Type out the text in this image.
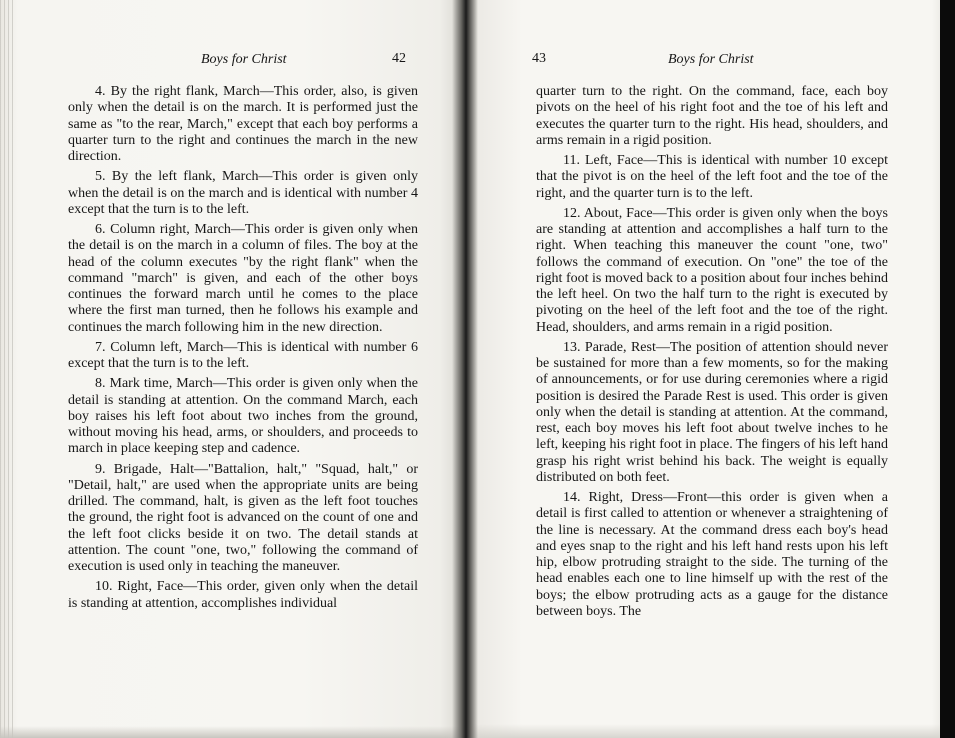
Boys for Christ	42

4. By the right flank, March—This order, also, is given only when the detail is on the march. It is performed just the same as "to the rear, March," except that each boy performs a quarter turn to the right and continues the march in the new direction.

5. By the left flank, March—This order is given only when the detail is on the march and is identical with number 4 except that the turn is to the left.

6. Column right, March—This order is given only when the detail is on the march in a column of files. The boy at the head of the column executes "by the right flank" when the command "march" is given, and each of the other boys continues the forward march until he comes to the place where the first man turned, then he follows his example and continues the march following him in the new direction.

7. Column left, March—This is identical with number 6 except that the turn is to the left.

8. Mark time, March—This order is given only when the detail is standing at attention. On the command March, each boy raises his left foot about two inches from the ground, without moving his head, arms, or shoulders, and proceeds to march in place keeping step and cadence.

9. Brigade, Halt—"Battalion, halt," "Squad, halt," or "Detail, halt," are used when the appropriate units are being drilled. The command, halt, is given as the left foot touches the ground, the right foot is advanced on the count of one and the left foot clicks beside it on two. The detail stands at attention. The count "one, two," following the command of execution is used only in teaching the maneuver.

10. Right, Face—This order, given only when the detail is standing at attention, accomplishes individual

43	Boys for Christ

quarter turn to the right. On the command, face, each boy pivots on the heel of his right foot and the toe of his left and executes the quarter turn to the right. His head, shoulders, and arms remain in a rigid position.

11. Left, Face—This is identical with number 10 except that the pivot is on the heel of the left foot and the toe of the right, and the quarter turn is to the left.

12. About, Face—This order is given only when the boys are standing at attention and accomplishes a half turn to the right. When teaching this maneuver the count "one, two" follows the command of execution. On "one" the toe of the right foot is moved back to a position about four inches behind the left heel. On two the half turn to the right is executed by pivoting on the heel of the left foot and the toe of the right. Head, shoulders, and arms remain in a rigid position.

13. Parade, Rest—The position of attention should never be sustained for more than a few moments, so for the making of announcements, or for use during ceremonies where a rigid position is desired the Parade Rest is used. This order is given only when the detail is standing at attention. At the command, rest, each boy moves his left foot about twelve inches to he left, keeping his right foot in place. The fingers of his left hand grasp his right wrist behind his back. The weight is equally distributed on both feet.

14. Right, Dress—Front—this order is given when a detail is first called to attention or whenever a straightening of the line is necessary. At the command dress each boy's head and eyes snap to the right and his left hand rests upon his left hip, elbow protruding straight to the side. The turning of the head enables each one to line himself up with the rest of the boys; the elbow protruding acts as a gauge for the distance between boys. The
